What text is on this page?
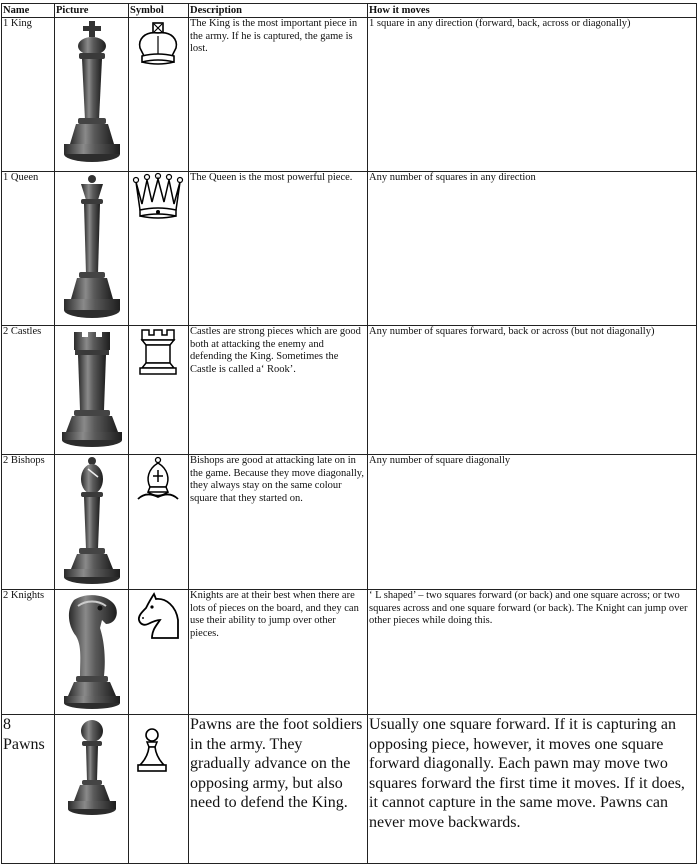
Name	Picture	Symbol	Description	How it moves
1 King			The King is the most important piece in the army. If he is captured, the game is lost.	1 square in any direction (forward, back, across or diagonally)
1 Queen			The Queen is the most powerful piece.	Any number of squares in any direction
2 Castles			Castles are strong pieces which are good both at attacking the enemy and defending the King. Sometimes the Castle is called a‘ Rook’.	Any number of squares forward, back or across (but not diagonally)
2 Bishops			Bishops are good at attacking late on in the game. Because they move diagonally, they always stay on the same colour square that they started on.	Any number of square diagonally
2 Knights			Knights are at their best when there are lots of pieces on the board, and they can use their ability to jump over other pieces.	‘ L shaped’ – two squares forward (or back) and one square across; or two squares across and one square forward (or back). The Knight can jump over other pieces while doing this.
8 Pawns			Pawns are the foot soldiers in the army. They gradually advance on the opposing army, but also need to defend the King.	Usually one square forward. If it is capturing an opposing piece, however, it moves one square forward diagonally. Each pawn may move two squares forward the first time it moves. If it does, it cannot capture in the same move. Pawns can never move backwards.
